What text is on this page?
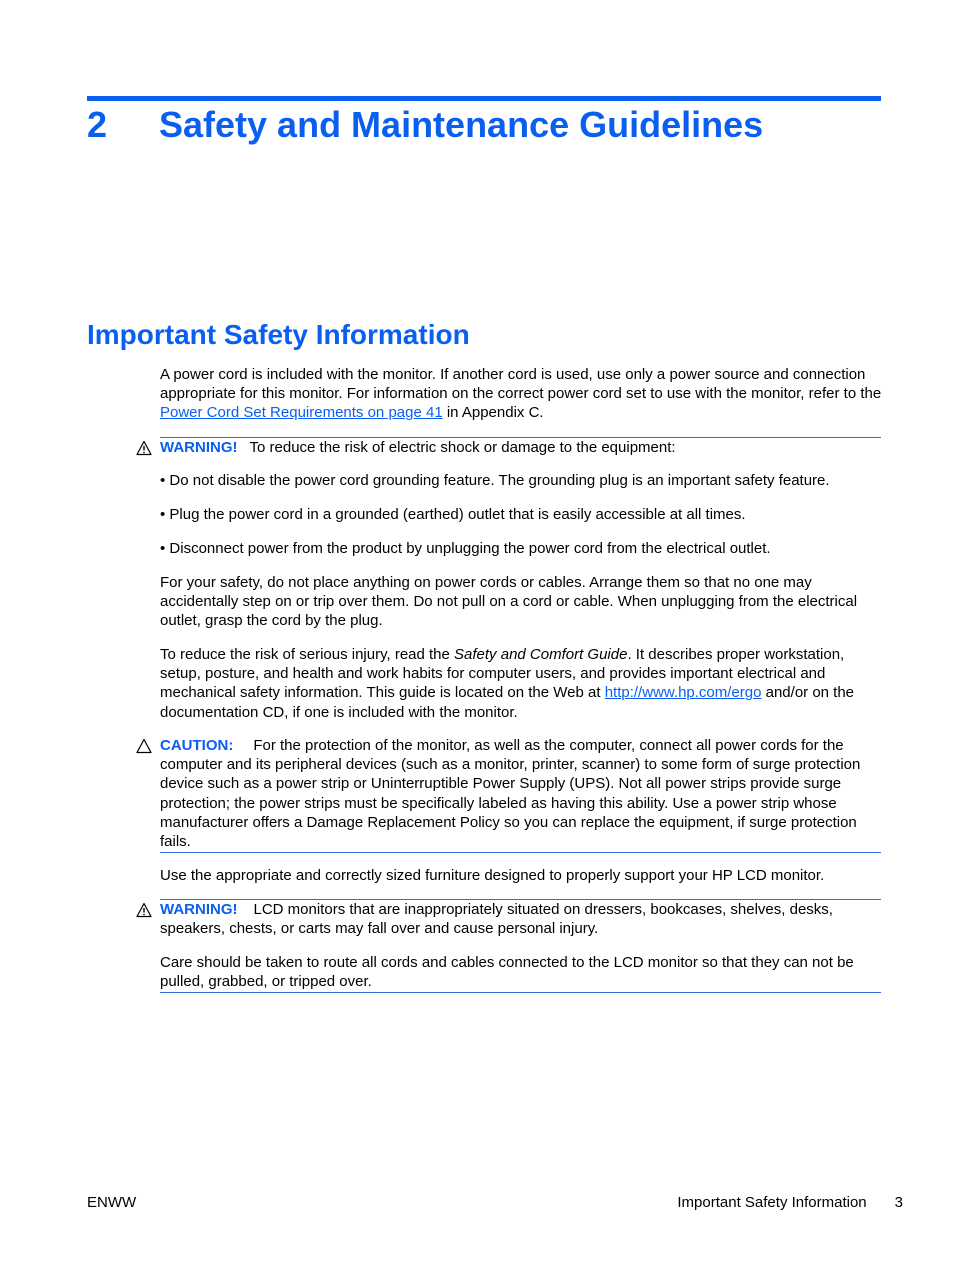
2 Safety and Maintenance Guidelines
Important Safety Information

A power cord is included with the monitor. If another cord is used, use only a power source and connection appropriate for this monitor. For information on the correct power cord set to use with the monitor, refer to the Power Cord Set Requirements on page 41 in Appendix C.

WARNING! To reduce the risk of electric shock or damage to the equipment:

• Do not disable the power cord grounding feature. The grounding plug is an important safety feature.

• Plug the power cord in a grounded (earthed) outlet that is easily accessible at all times.

• Disconnect power from the product by unplugging the power cord from the electrical outlet.

For your safety, do not place anything on power cords or cables. Arrange them so that no one may accidentally step on or trip over them. Do not pull on a cord or cable. When unplugging from the electrical outlet, grasp the cord by the plug.

To reduce the risk of serious injury, read the Safety and Comfort Guide. It describes proper workstation, setup, posture, and health and work habits for computer users, and provides important electrical and mechanical safety information. This guide is located on the Web at http://www.hp.com/ergo and/or on the documentation CD, if one is included with the monitor.

CAUTION: For the protection of the monitor, as well as the computer, connect all power cords for the computer and its peripheral devices (such as a monitor, printer, scanner) to some form of surge protection device such as a power strip or Uninterruptible Power Supply (UPS). Not all power strips provide surge protection; the power strips must be specifically labeled as having this ability. Use a power strip whose manufacturer offers a Damage Replacement Policy so you can replace the equipment, if surge protection fails.

Use the appropriate and correctly sized furniture designed to properly support your HP LCD monitor.

WARNING! LCD monitors that are inappropriately situated on dressers, bookcases, shelves, desks, speakers, chests, or carts may fall over and cause personal injury.

Care should be taken to route all cords and cables connected to the LCD monitor so that they can not be pulled, grabbed, or tripped over.

ENWW	Important Safety Information 3
